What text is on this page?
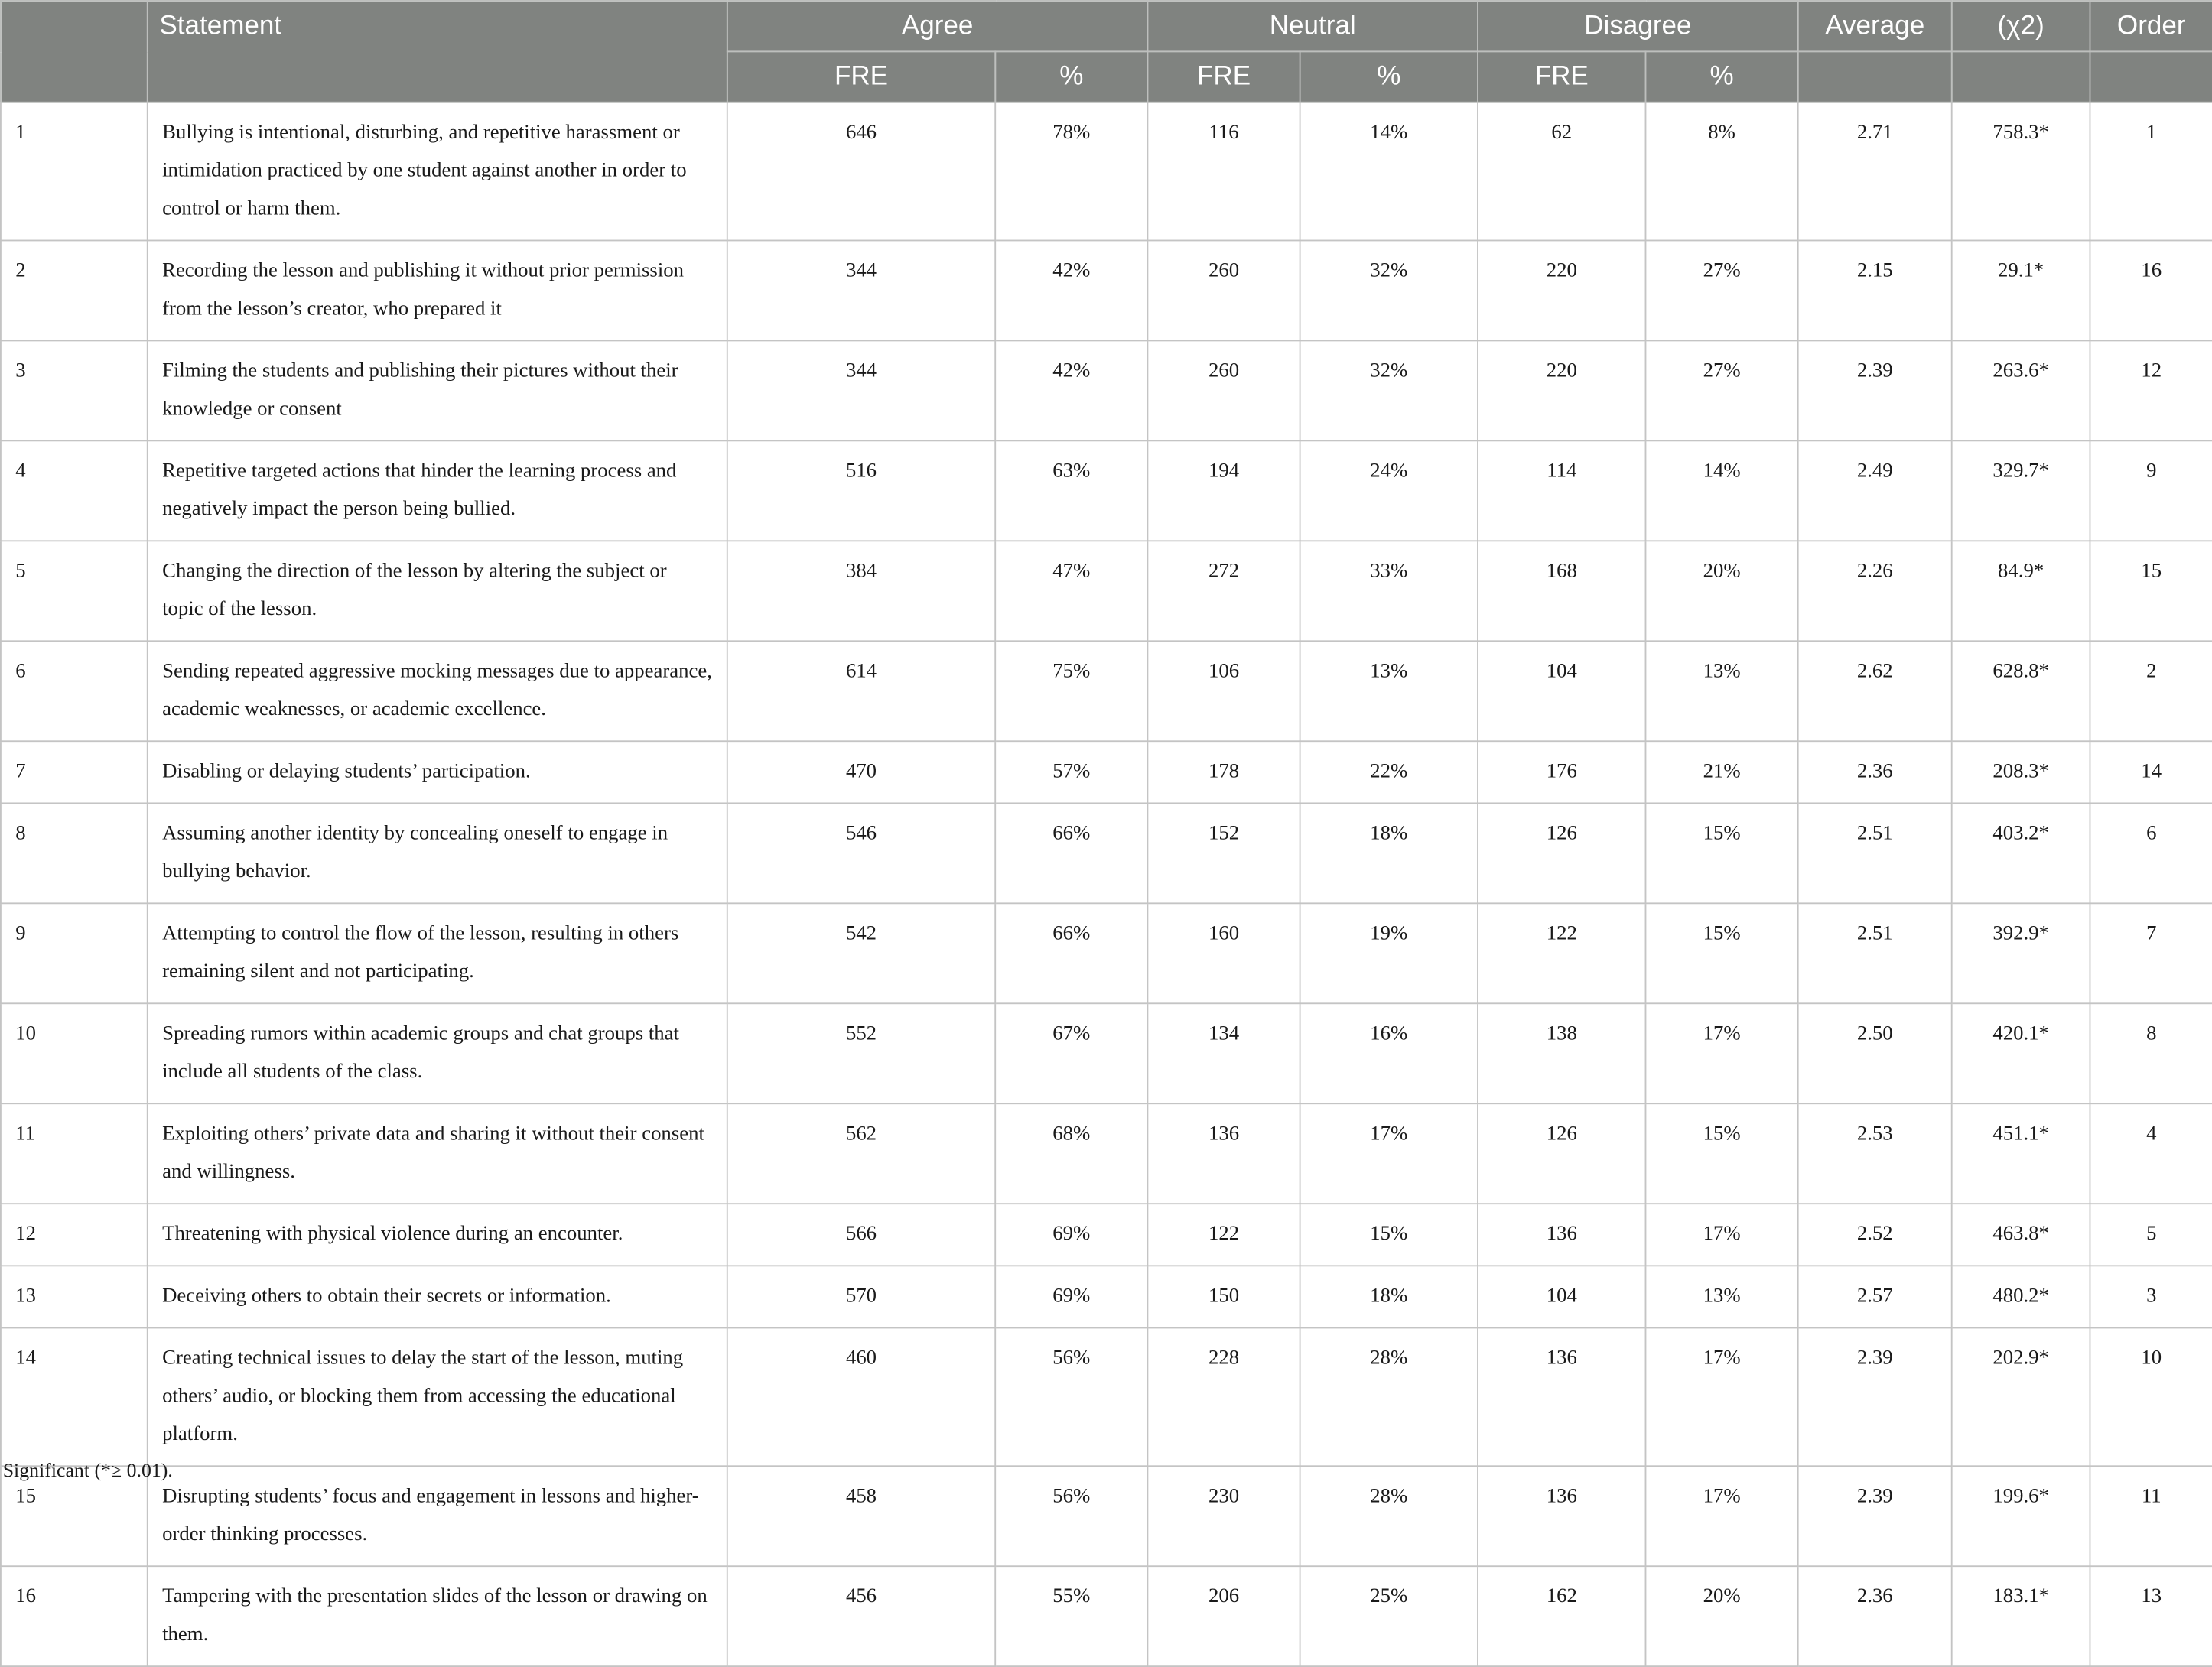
	Statement	Agree		Neutral		Disagree		Average	(χ2)	Order
		FRE	%	FRE	%	FRE	%			
1	Bullying is intentional, disturbing, and repetitive harassment or intimidation practiced by one student against another in order to control or harm them.	646	78%	116	14%	62	8%	2.71	758.3*	1
2	Recording the lesson and publishing it without prior permission from the lesson’s creator, who prepared it	344	42%	260	32%	220	27%	2.15	29.1*	16
3	Filming the students and publishing their pictures without their knowledge or consent	344	42%	260	32%	220	27%	2.39	263.6*	12
4	Repetitive targeted actions that hinder the learning process and negatively impact the person being bullied.	516	63%	194	24%	114	14%	2.49	329.7*	9
5	Changing the direction of the lesson by altering the subject or topic of the lesson.	384	47%	272	33%	168	20%	2.26	84.9*	15
6	Sending repeated aggressive mocking messages due to appearance, academic weaknesses, or academic excellence.	614	75%	106	13%	104	13%	2.62	628.8*	2
7	Disabling or delaying students’ participation.	470	57%	178	22%	176	21%	2.36	208.3*	14
8	Assuming another identity by concealing oneself to engage in bullying behavior.	546	66%	152	18%	126	15%	2.51	403.2*	6
9	Attempting to control the flow of the lesson, resulting in others remaining silent and not participating.	542	66%	160	19%	122	15%	2.51	392.9*	7
10	Spreading rumors within academic groups and chat groups that include all students of the class.	552	67%	134	16%	138	17%	2.50	420.1*	8
11	Exploiting others’ private data and sharing it without their consent and willingness.	562	68%	136	17%	126	15%	2.53	451.1*	4
12	Threatening with physical violence during an encounter.	566	69%	122	15%	136	17%	2.52	463.8*	5
13	Deceiving others to obtain their secrets or information.	570	69%	150	18%	104	13%	2.57	480.2*	3
14	Creating technical issues to delay the start of the lesson, muting others’ audio, or blocking them from accessing the educational platform.	460	56%	228	28%	136	17%	2.39	202.9*	10
15	Disrupting students’ focus and engagement in lessons and higher-order thinking processes.	458	56%	230	28%	136	17%	2.39	199.6*	11
16	Tampering with the presentation slides of the lesson or drawing on them.	456	55%	206	25%	162	20%	2.36	183.1*	13
Significant (*≥ 0.01).
